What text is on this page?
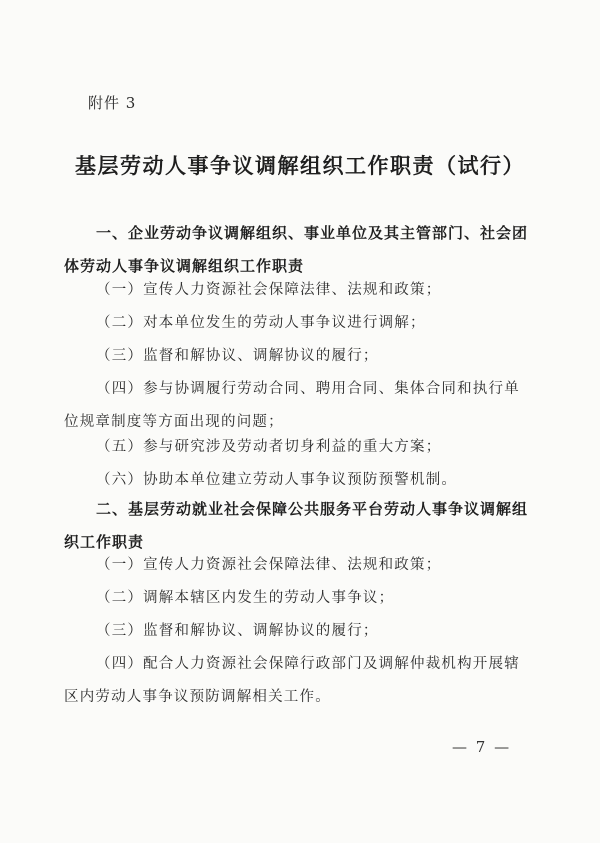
附件 3
基层劳动人事争议调解组织工作职责（试行）
一、企业劳动争议调解组织、事业单位及其主管部门、社会团体劳动人事争议调解组织工作职责
（一）宣传人力资源社会保障法律、法规和政策；
（二）对本单位发生的劳动人事争议进行调解；
（三）监督和解协议、调解协议的履行；
（四）参与协调履行劳动合同、聘用合同、集体合同和执行单位规章制度等方面出现的问题；
（五）参与研究涉及劳动者切身利益的重大方案；
（六）协助本单位建立劳动人事争议预防预警机制。
二、基层劳动就业社会保障公共服务平台劳动人事争议调解组织工作职责
（一）宣传人力资源社会保障法律、法规和政策；
（二）调解本辖区内发生的劳动人事争议；
（三）监督和解协议、调解协议的履行；
（四）配合人力资源社会保障行政部门及调解仲裁机构开展辖区内劳动人事争议预防调解相关工作。
— 7 —
